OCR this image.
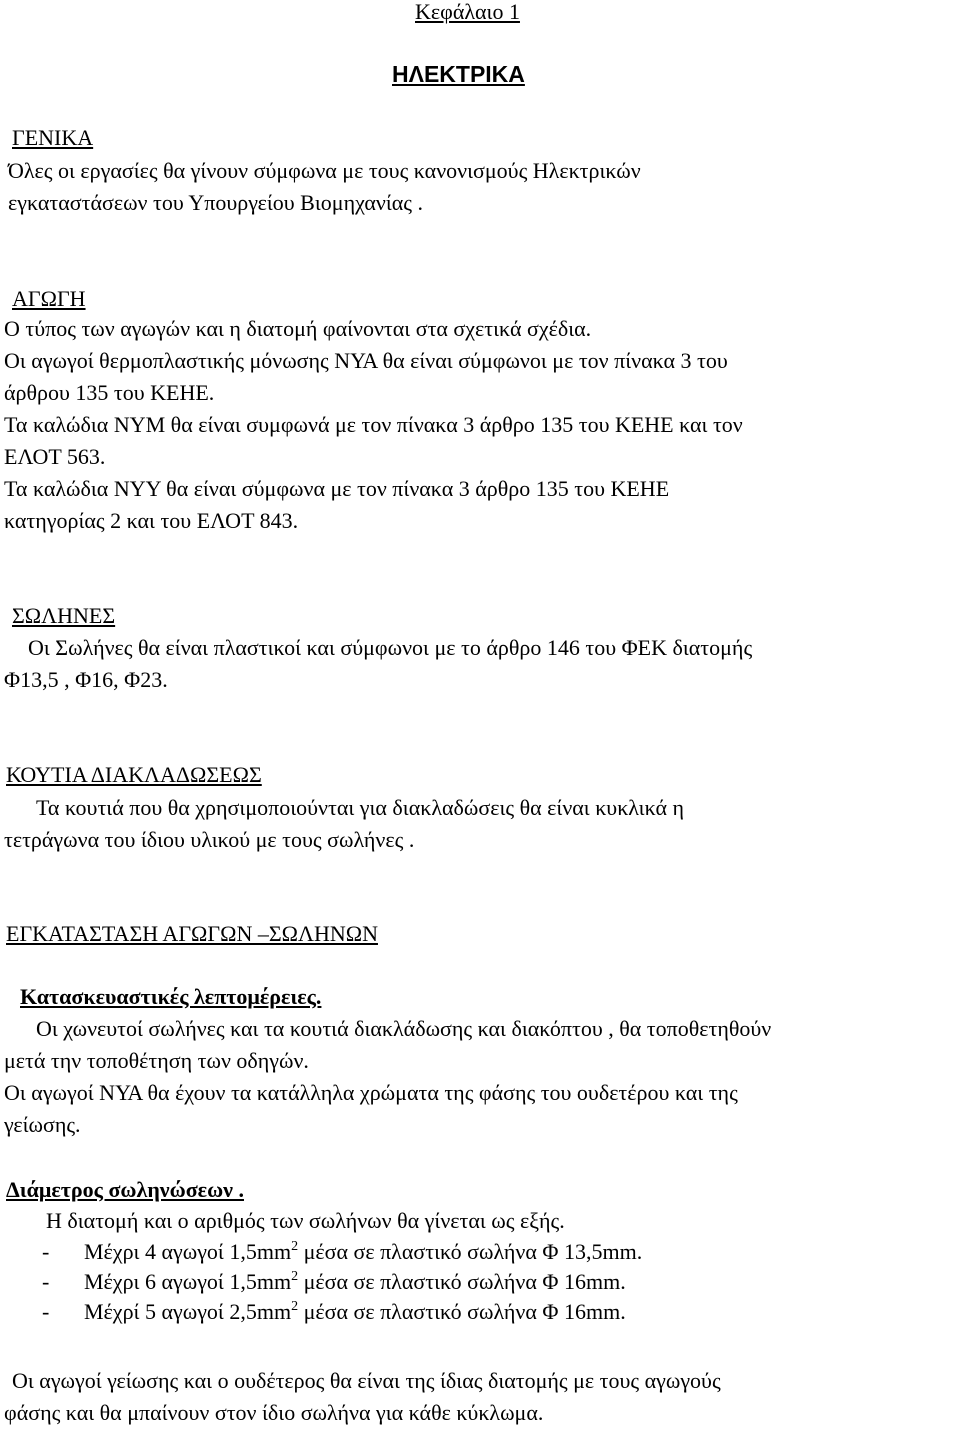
Κεφάλαιο 1
ΗΛΕΚΤΡΙΚΑ
ΓΕΝΙΚΑ
Όλες οι εργασίες θα γίνουν σύμφωνα με τους κανονισμούς Ηλεκτρικών
εγκαταστάσεων του Υπουργείου Βιομηχανίας .
ΑΓΩΓΗ
Ο τύπος των αγωγών και η διατομή φαίνονται στα σχετικά σχέδια.
Οι αγωγοί θερμοπλαστικής μόνωσης ΝΥΑ θα είναι σύμφωνοι με τον πίνακα 3 του
άρθρου 135 του ΚΕΗΕ.
Τα καλώδια ΝΥΜ θα είναι συμφωνά με τον πίνακα 3 άρθρο 135 του ΚΕΗΕ και τον
ΕΛΟΤ 563.
Τα καλώδια ΝΥΥ θα είναι σύμφωνα με τον πίνακα 3 άρθρο 135 του ΚΕΗΕ
κατηγορίας 2 και του ΕΛΟΤ 843.
ΣΩΛΗΝΕΣ
Οι Σωλήνες θα είναι πλαστικοί και σύμφωνοι με το άρθρο 146 του ΦΕΚ διατομής
Φ13,5 , Φ16, Φ23.
ΚΟΥΤΙΑ ΔΙΑΚΛΑΔΩΣΕΩΣ
Τα κουτιά που θα χρησιμοποιούνται για διακλαδώσεις θα είναι κυκλικά η
τετράγωνα του ίδιου υλικού με τους σωλήνες .
ΕΓΚΑΤΑΣΤΑΣΗ ΑΓΩΓΩΝ –ΣΩΛΗΝΩΝ
Κατασκευαστικές λεπτομέρειες.
Οι χωνευτοί σωλήνες και τα κουτιά διακλάδωσης και διακόπτου , θα τοποθετηθούν
μετά την τοποθέτηση των οδηγών.
Οι αγωγοί ΝΥΑ θα έχουν τα κατάλληλα χρώματα της φάσης του ουδετέρου και της
γείωσης.
Διάμετρος σωληνώσεων .
Η διατομή και ο αριθμός των σωλήνων θα γίνεται ως εξής.
- Μέχρι 4 αγωγοί $1,5mm^2$ μέσα σε πλαστικό σωλήνα Φ 13,5mm.
- Μέχρι 6 αγωγοί $1,5mm^2$ μέσα σε πλαστικό σωλήνα Φ 16mm.
- Μέχρί 5 αγωγοί $2,5mm^2$ μέσα σε πλαστικό σωλήνα Φ 16mm.
Οι αγωγοί γείωσης και ο ουδέτερος θα είναι της ίδιας διατομής με τους αγωγούς
φάσης και θα μπαίνουν στον ίδιο σωλήνα για κάθε κύκλωμα.
